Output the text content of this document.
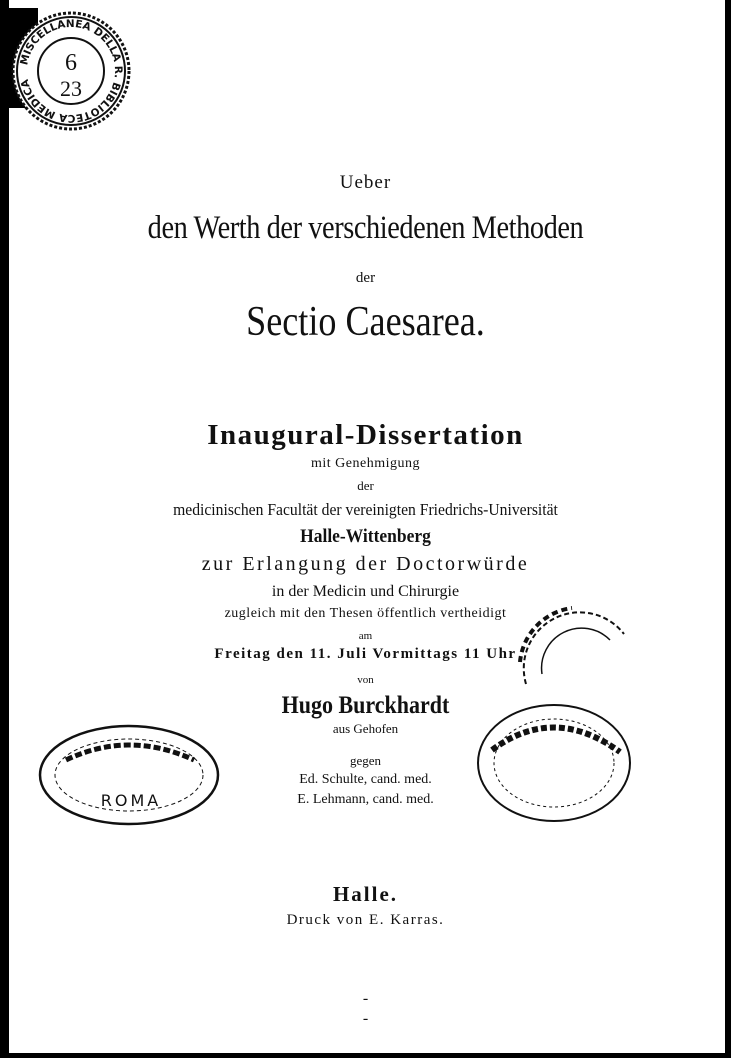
MISCELLANEA DELLA R. BIBLIOTECA MEDICA
6
23
ROMA
Ueber
den Werth der verschiedenen Methoden
der
Sectio Caesarea.
Inaugural-Dissertation
mit Genehmigung
der
medicinischen Facultät der vereinigten Friedrichs-Universität
Halle-Wittenberg
zur Erlangung der Doctorwürde
in der Medicin und Chirurgie
zugleich mit den Thesen öffentlich vertheidigt
am
Freitag den 11. Juli Vormittags 11 Uhr
von
Hugo Burckhardt
aus Gehofen
gegen
Ed. Schulte, cand. med.
E. Lehmann, cand. med.
Halle.
Druck von E. Karras.
-
-
